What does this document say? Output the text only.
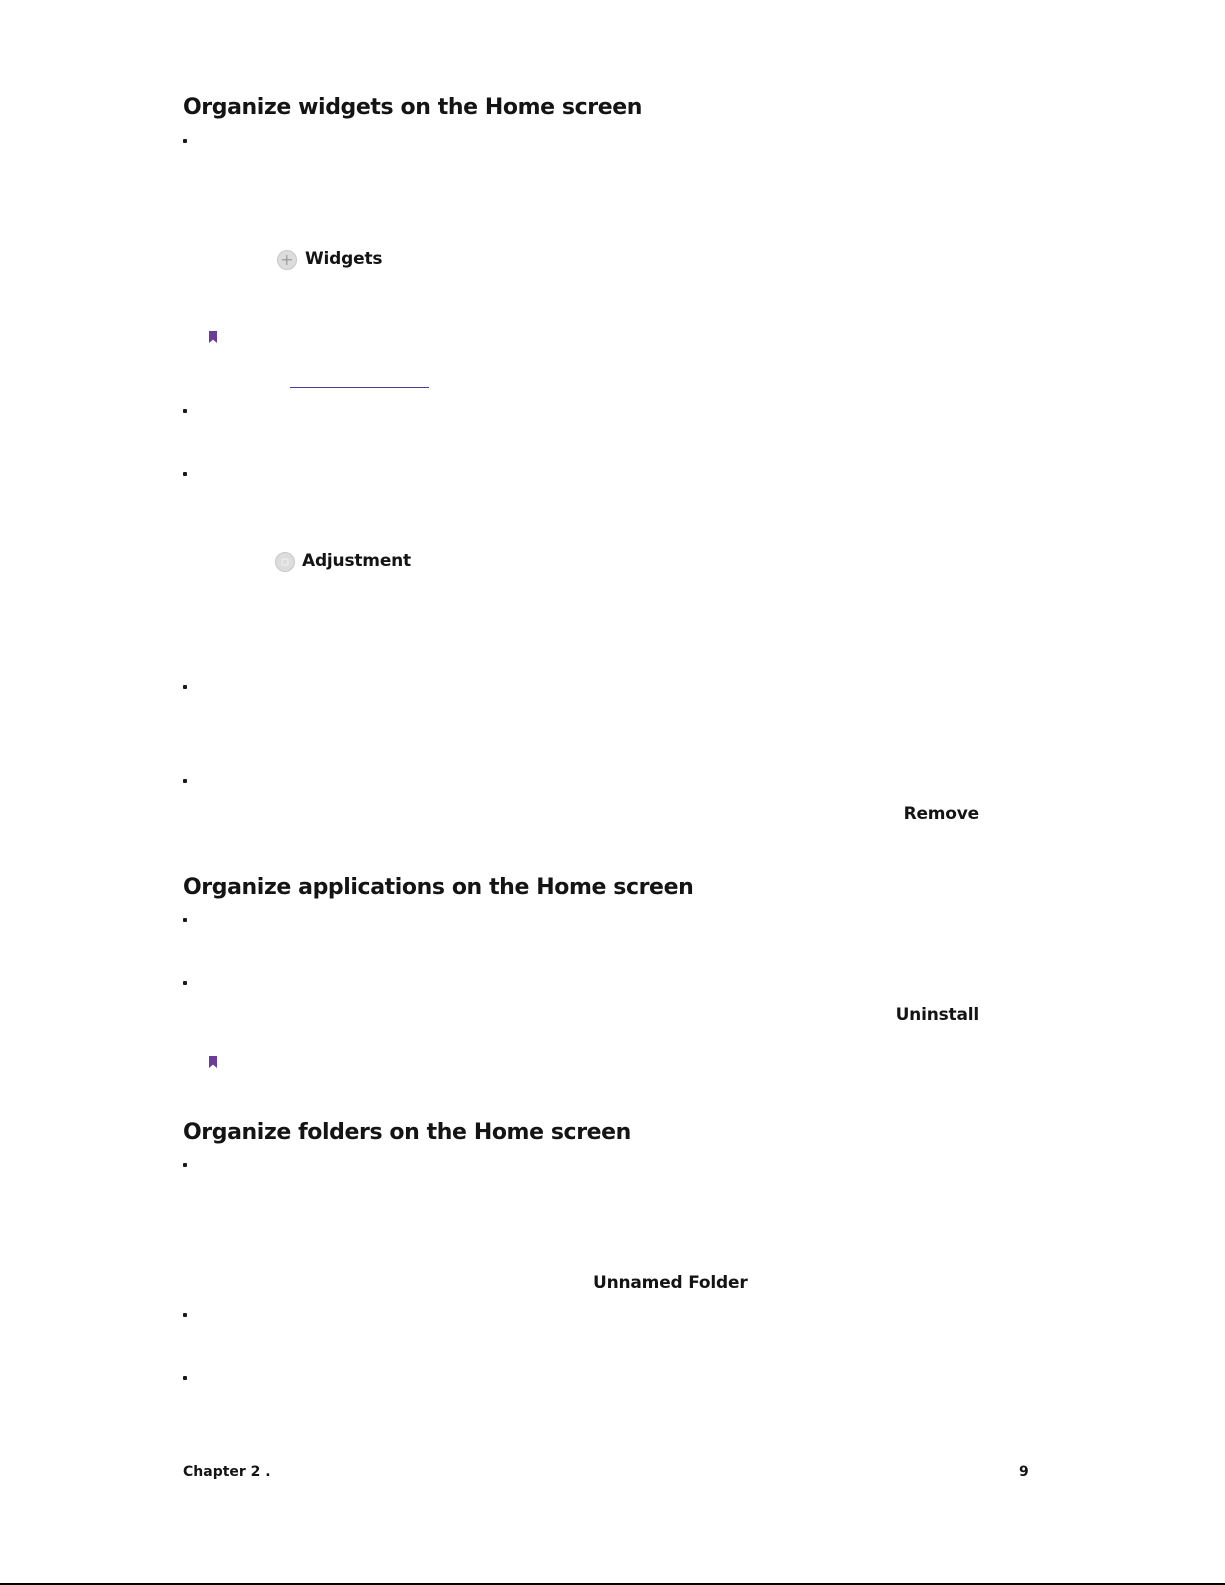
Organize widgets on the Home screen
Widgets
Adjustment
Remove
Organize applications on the Home screen
Uninstall
Organize folders on the Home screen
Unnamed Folder
Chapter 2 .	9
